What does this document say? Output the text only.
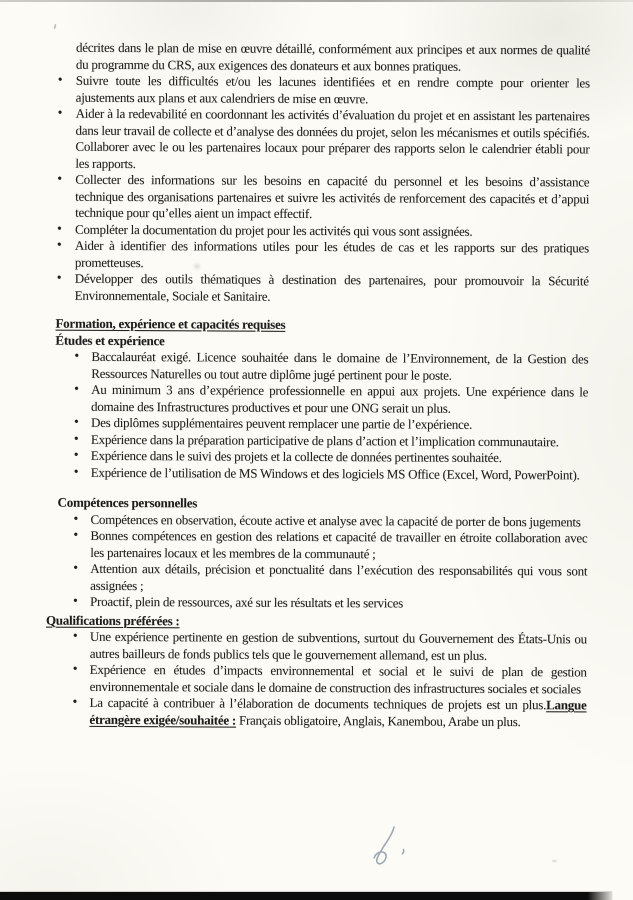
décrites dans le plan de mise en œuvre détaillé, conformément aux principes et aux normes de qualité du programme du CRS, aux exigences des donateurs et aux bonnes pratiques.

• Suivre toute les difficultés et/ou les lacunes identifiées et en rendre compte pour orienter les ajustements aux plans et aux calendriers de mise en œuvre.
• Aider à la redevabilité en coordonnant les activités d’évaluation du projet et en assistant les partenaires dans leur travail de collecte et d’analyse des données du projet, selon les mécanismes et outils spécifiés. Collaborer avec le ou les partenaires locaux pour préparer des rapports selon le calendrier établi pour les rapports.
• Collecter des informations sur les besoins en capacité du personnel et les besoins d’assistance technique des organisations partenaires et suivre les activités de renforcement des capacités et d’appui technique pour qu’elles aient un impact effectif.
• Compléter la documentation du projet pour les activités qui vous sont assignées.
• Aider à identifier des informations utiles pour les études de cas et les rapports sur des pratiques prometteuses.
• Développer des outils thématiques à destination des partenaires, pour promouvoir la Sécurité Environnementale, Sociale et Sanitaire.
Formation, expérience et capacités requises
Études et expérience
• Baccalauréat exigé. Licence souhaitée dans le domaine de l’Environnement, de la Gestion des Ressources Naturelles ou tout autre diplôme jugé pertinent pour le poste.
• Au minimum 3 ans d’expérience professionnelle en appui aux projets. Une expérience dans le domaine des Infrastructures productives et pour une ONG serait un plus.
• Des diplômes supplémentaires peuvent remplacer une partie de l’expérience.
• Expérience dans la préparation participative de plans d’action et l’implication communautaire.
• Expérience dans le suivi des projets et la collecte de données pertinentes souhaitée.
• Expérience de l’utilisation de MS Windows et des logiciels MS Office (Excel, Word, PowerPoint).
Compétences personnelles
• Compétences en observation, écoute active et analyse avec la capacité de porter de bons jugements
• Bonnes compétences en gestion des relations et capacité de travailler en étroite collaboration avec les partenaires locaux et les membres de la communauté ;
• Attention aux détails, précision et ponctualité dans l’exécution des responsabilités qui vous sont assignées ;
• Proactif, plein de ressources, axé sur les résultats et les services
Qualifications préférées :
• Une expérience pertinente en gestion de subventions, surtout du Gouvernement des États-Unis ou autres bailleurs de fonds publics tels que le gouvernement allemand, est un plus.
• Expérience en études d’impacts environnemental et social et le suivi de plan de gestion environnementale et sociale dans le domaine de construction des infrastructures sociales et sociales
• La capacité à contribuer à l’élaboration de documents techniques de projets est un plus.Langue étrangère exigée/souhaitée : Français obligatoire, Anglais, Kanembou, Arabe un plus.
